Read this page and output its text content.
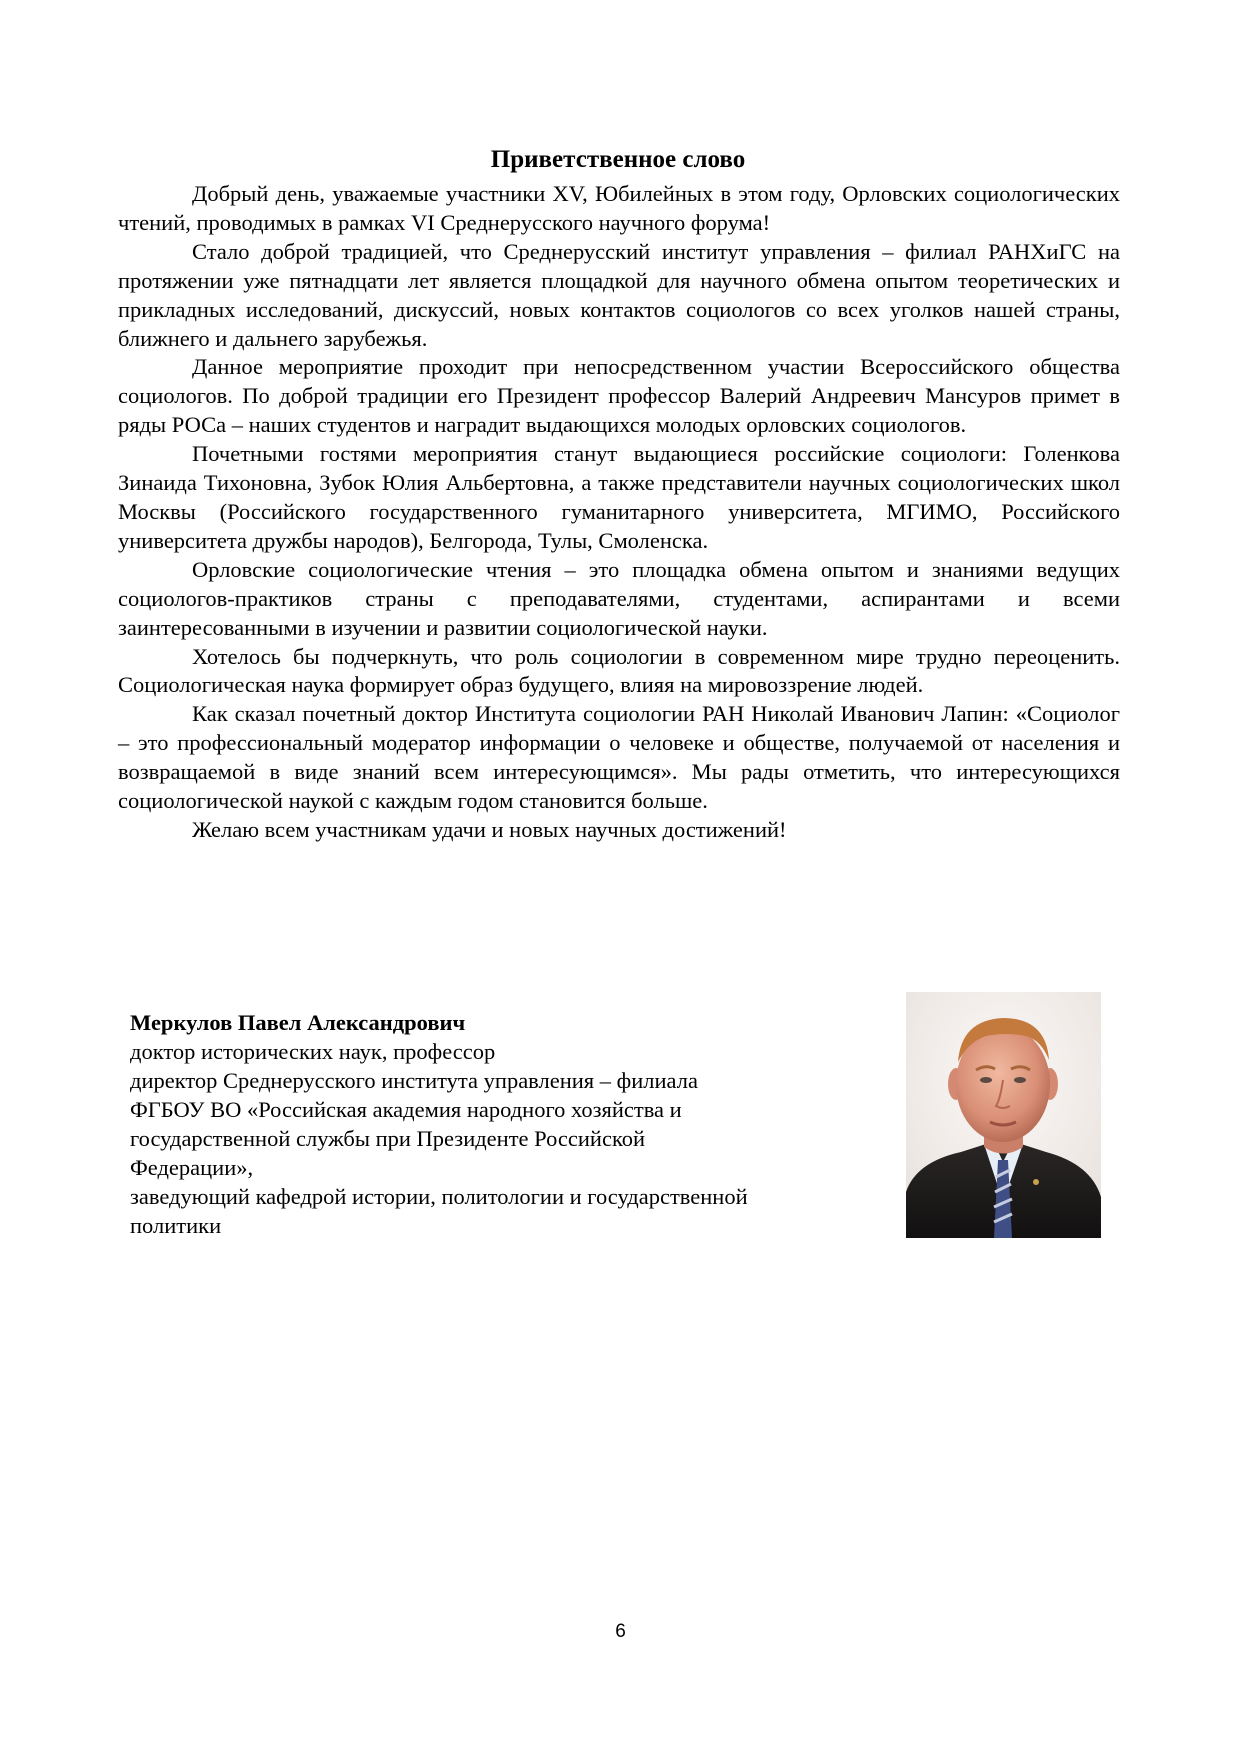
Приветственное слово

Добрый день, уважаемые участники XV, Юбилейных в этом году, Орловских социологических чтений, проводимых в рамках VI Среднерусского научного форума!

Стало доброй традицией, что Среднерусский институт управления – филиал РАНХиГС на протяжении уже пятнадцати лет является площадкой для научного обмена опытом теоретических и прикладных исследований, дискуссий, новых контактов социологов со всех уголков нашей страны, ближнего и дальнего зарубежья.

Данное мероприятие проходит при непосредственном участии Всероссийского общества социологов. По доброй традиции его Президент профессор Валерий Андреевич Мансуров примет в ряды РОСа – наших студентов и наградит выдающихся молодых орловских социологов.

Почетными гостями мероприятия станут выдающиеся российские социологи: Голенкова Зинаида Тихоновна, Зубок Юлия Альбертовна, а также представители научных социологических школ Москвы (Российского государственного гуманитарного университета, МГИМО, Российского университета дружбы народов), Белгорода, Тулы, Смоленска.

Орловские социологические чтения – это площадка обмена опытом и знаниями ведущих социологов-практиков страны с преподавателями, студентами, аспирантами и всеми заинтересованными в изучении и развитии социологической науки.

Хотелось бы подчеркнуть, что роль социологии в современном мире трудно переоценить. Социологическая наука формирует образ будущего, влияя на мировоззрение людей.

Как сказал почетный доктор Института социологии РАН Николай Иванович Лапин: «Социолог – это профессиональный модератор информации о человеке и обществе, получаемой от населения и возвращаемой в виде знаний всем интересующимся». Мы рады отметить, что интересующихся социологической наукой с каждым годом становится больше.

Желаю всем участникам удачи и новых научных достижений!

Меркулов Павел Александрович
доктор исторических наук, профессор
директор Среднерусского института управления – филиала
ФГБОУ ВО «Российская академия народного хозяйства и
государственной службы при Президенте Российской
Федерации»,
заведующий кафедрой истории, политологии и государственной
политики
6
